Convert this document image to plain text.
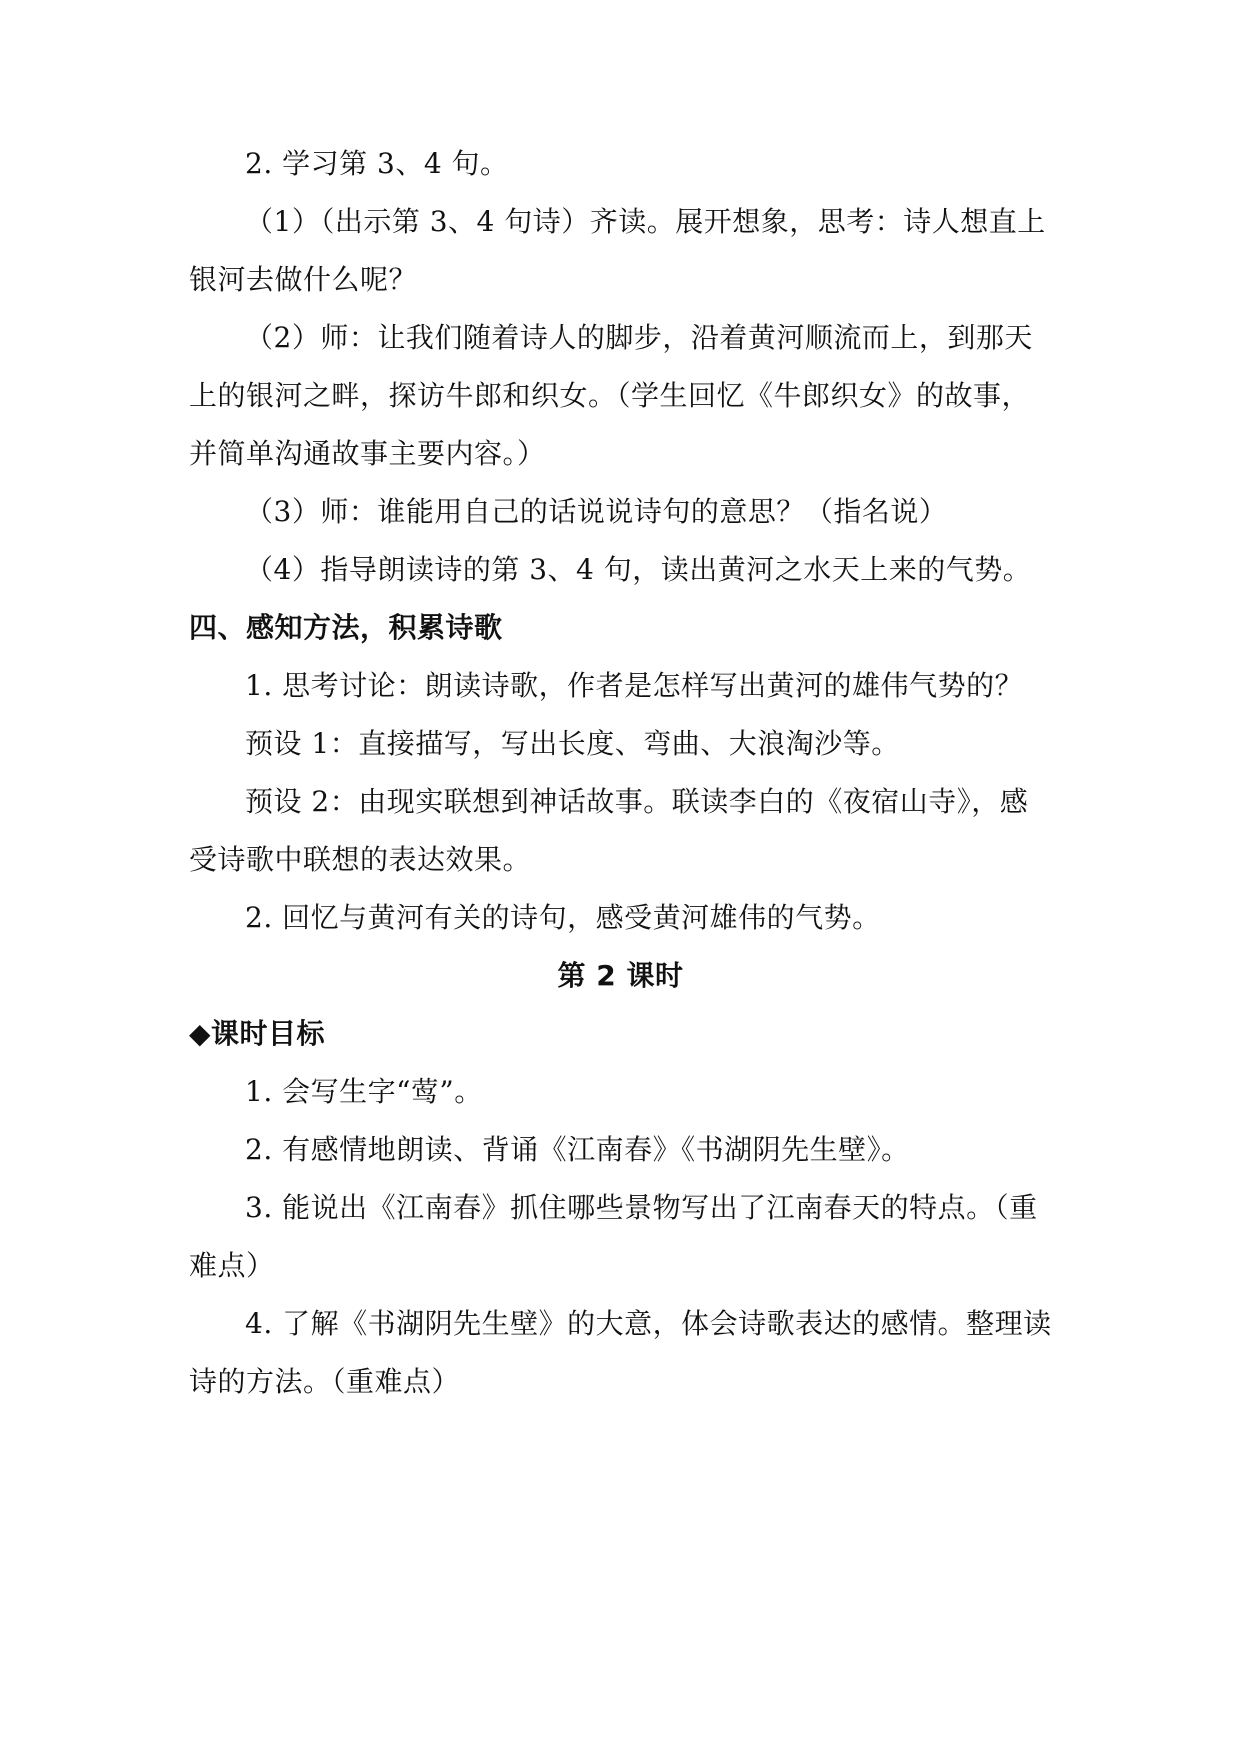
2. 学习第 3、4 句。
（1）（出示第 3、4 句诗）齐读。展开想象，思考：诗人想直上
银河去做什么呢？
（2）师：让我们随着诗人的脚步，沿着黄河顺流而上，到那天
上的银河之畔，探访牛郎和织女。（学生回忆《牛郎织女》的故事，
并简单沟通故事主要内容。）
（3）师：谁能用自己的话说说诗句的意思？（指名说）
（4）指导朗读诗的第 3、4 句，读出黄河之水天上来的气势。
四、感知方法，积累诗歌
1. 思考讨论：朗读诗歌，作者是怎样写出黄河的雄伟气势的？
预设 1：直接描写，写出长度、弯曲、大浪淘沙等。
预设 2：由现实联想到神话故事。联读李白的《夜宿山寺》，感
受诗歌中联想的表达效果。
2. 回忆与黄河有关的诗句，感受黄河雄伟的气势。
第 2 课时
◆课时目标
1. 会写生字“莺”。
2. 有感情地朗读、背诵《江南春》《书湖阴先生壁》。
3. 能说出《江南春》抓住哪些景物写出了江南春天的特点。（重
难点）
4. 了解《书湖阴先生壁》的大意，体会诗歌表达的感情。整理读
诗的方法。（重难点）
